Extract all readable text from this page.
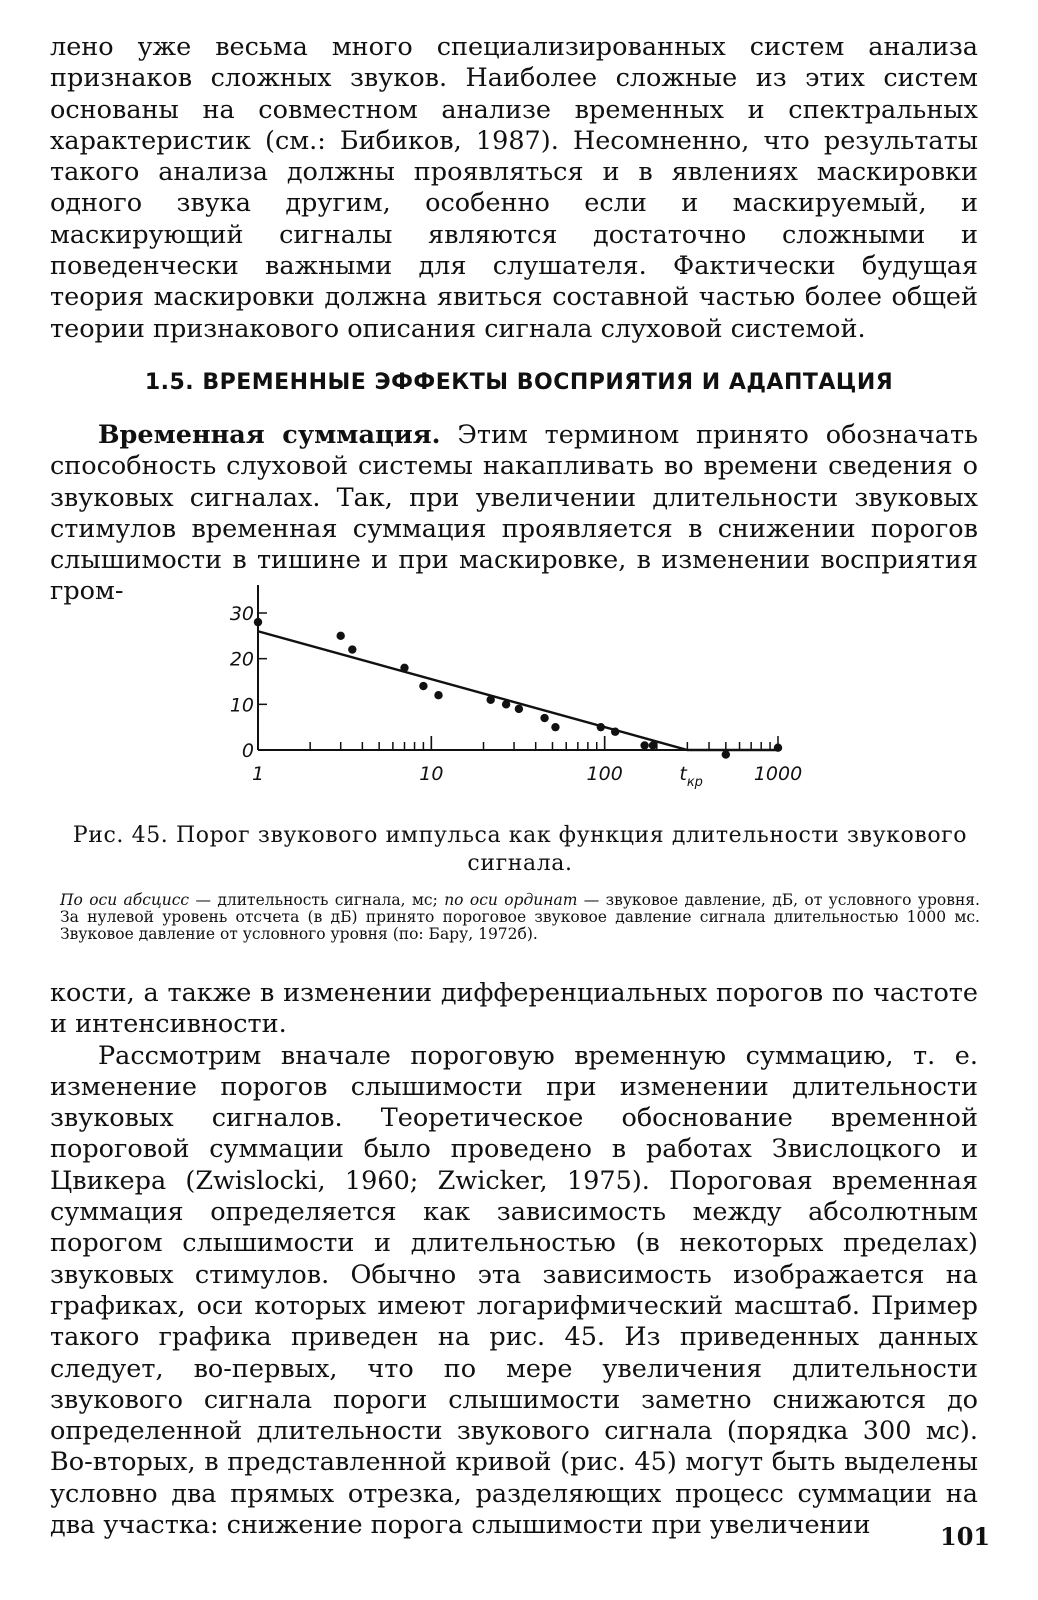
лено уже весьма много специализированных систем анализа признаков сложных звуков. Наиболее сложные из этих систем основаны на совместном анализе временных и спектральных характеристик (см.: Бибиков, 1987). Несомненно, что результаты такого анализа должны проявляться и в явлениях маскировки одного звука другим, особенно если и маскируемый, и маскирующий сигналы являются достаточно сложными и поведенчески важными для слушателя. Фактически будущая теория маскировки должна явиться составной частью более общей теории признакового описания сигнала слуховой системой.

1.5. ВРЕМЕННЫЕ ЭФФЕКТЫ ВОСПРИЯТИЯ И АДАПТАЦИЯ

Временная суммация. Этим термином принято обозначать способность слуховой системы накапливать во времени сведения о звуковых сигналах. Так, при увеличении длительности звуковых стимулов временная суммация проявляется в снижении порогов слышимости в тишине и при маскировке, в изменении восприятия гром-

30
20
10
0
1	10	100	1000
$t_{кр}$

Рис. 45. Порог звукового импульса как функция длительности звукового сигнала.

По оси абсцисс — длительность сигнала, мс; по оси ординат — звуковое давление, дБ, от условного уровня. За нулевой уровень отсчета (в дБ) принято пороговое звуковое давление сигнала длительностью 1000 мс. Звуковое давление от условного уровня (по: Бару, 1972б).

кости, а также в изменении дифференциальных порогов по частоте и интенсивности.

Рассмотрим вначале пороговую временную суммацию, т. е. изменение порогов слышимости при изменении длительности звуковых сигналов. Теоретическое обоснование временной пороговой суммации было проведено в работах Звислоцкого и Цвикера (Zwislocki, 1960; Zwicker, 1975). Пороговая временная суммация определяется как зависимость между абсолютным порогом слышимости и длительностью (в некоторых пределах) звуковых стимулов. Обычно эта зависимость изображается на графиках, оси которых имеют логарифмический масштаб. Пример такого графика приведен на рис. 45. Из приведенных данных следует, во-первых, что по мере увеличения длительности звукового сигнала пороги слышимости заметно снижаются до определенной длительности звукового сигнала (порядка 300 мс). Во-вторых, в представленной кривой (рис. 45) могут быть выделены условно два прямых отрезка, разделяющих процесс суммации на два участка: снижение порога слышимости при увеличении	101
